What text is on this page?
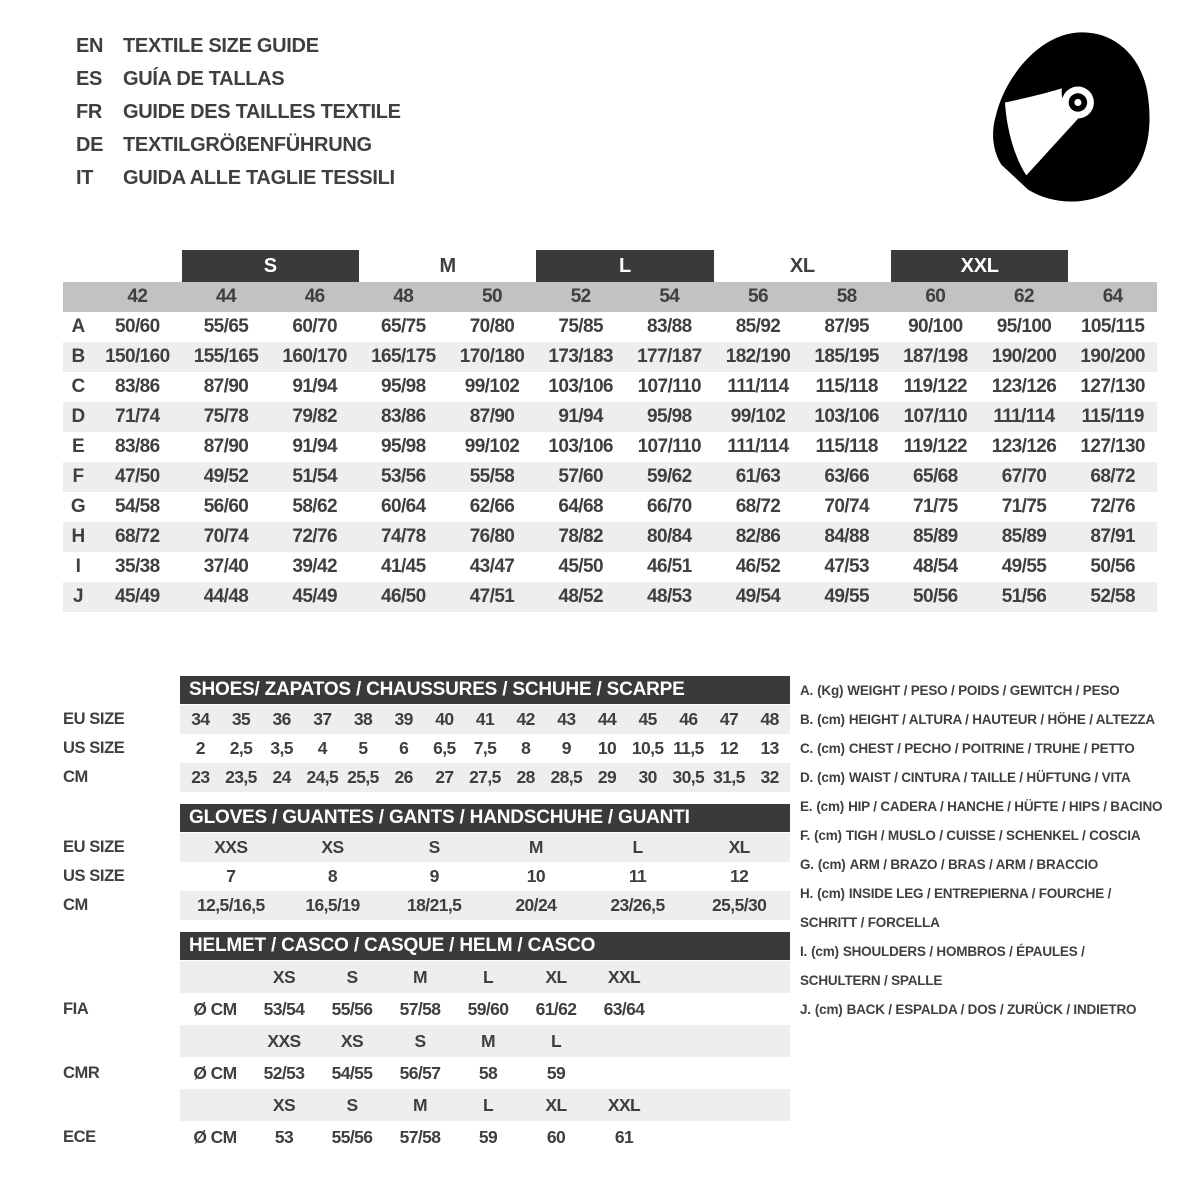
EN TEXTILE SIZE GUIDE
ES	GUÍA DE TALLAS
FR	GUIDE DES TAILLES TEXTILE
DE TEXTILGRÖßENFÜHRUNG
IT	GUIDA ALLE TAGLIE TESSILI
S	M	L	XL	XXL
42	44	46	48	50	52	54	56	58	60	62	64
A	50/60	55/65	60/70	65/75	70/80	75/85	83/88	85/92	87/95	90/100	95/100	105/115
B	150/160	155/165	160/170	165/175	170/180	173/183	177/187	182/190	185/195	187/198	190/200	190/200
C	83/86	87/90	91/94	95/98	99/102	103/106	107/110	111/114	115/118	119/122	123/126	127/130
D	71/74	75/78	79/82	83/86	87/90	91/94	95/98	99/102	103/106	107/110	111/114	115/119
E	83/86	87/90	91/94	95/98	99/102	103/106	107/110	111/114	115/118	119/122	123/126	127/130
F	47/50	49/52	51/54	53/56	55/58	57/60	59/62	61/63	63/66	65/68	67/70	68/72
G	54/58	56/60	58/62	60/64	62/66	64/68	66/70	68/72	70/74	71/75	71/75	72/76
H	68/72	70/74	72/76	74/78	76/80	78/82	80/84	82/86	84/88	85/89	85/89	87/91
I	35/38	37/40	39/42	41/45	43/47	45/50	46/51	46/52	47/53	48/54	49/55	50/56
J	45/49	44/48	45/49	46/50	47/51	48/52	48/53	49/54	49/55	50/56	51/56	52/58
SHOES/ ZAPATOS / CHAUSSURES / SCHUHE / SCARPE
EU SIZE	34	35	36	37	38	39	40	41	42	43	44	45	46	47	48
US SIZE	2	2,5	3,5	4	5	6	6,5	7,5	8	9	10 10,5 11,5 12	13
CM	23 23,5 24 24,5 25,5 26	27 27,5 28 28,5 29	30 30,5 31,5 32
GLOVES / GUANTES / GANTS / HANDSCHUHE / GUANTI
EU SIZE	XXS	XS	S	M	L	XL
US SIZE	7	8	9	10	11	12
CM	12,5/16,5	16,5/19	18/21,5	20/24	23/26,5	25,5/30
HELMET / CASCO / CASQUE / HELM / CASCO
XS	S	M	L	XL	XXL
FIA	Ø CM	53/54	55/56	57/58	59/60	61/62	63/64
XXS	XS	S	M	L
CMR	Ø CM	52/53	54/55	56/57	58	59
XS	S	M	L	XL	XXL
ECE	Ø CM	53	55/56	57/58	59	60	61
A. (Kg) WEIGHT / PESO / POIDS / GEWITCH / PESO
B. (cm) HEIGHT / ALTURA / HAUTEUR / HÖHE / ALTEZZA
C. (cm) CHEST / PECHO / POITRINE / TRUHE / PETTO
D. (cm) WAIST / CINTURA / TAILLE / HÜFTUNG / VITA
E. (cm) HIP / CADERA / HANCHE / HÜFTE / HIPS / BACINO
F. (cm) TIGH / MUSLO / CUISSE / SCHENKEL / COSCIA
G. (cm) ARM / BRAZO / BRAS / ARM / BRACCIO
H. (cm) INSIDE LEG / ENTREPIERNA / FOURCHE /
SCHRITT / FORCELLA
I. (cm) SHOULDERS / HOMBROS / ÉPAULES /
SCHULTERN / SPALLE
J. (cm) BACK / ESPALDA / DOS / ZURÜCK / INDIETRO
